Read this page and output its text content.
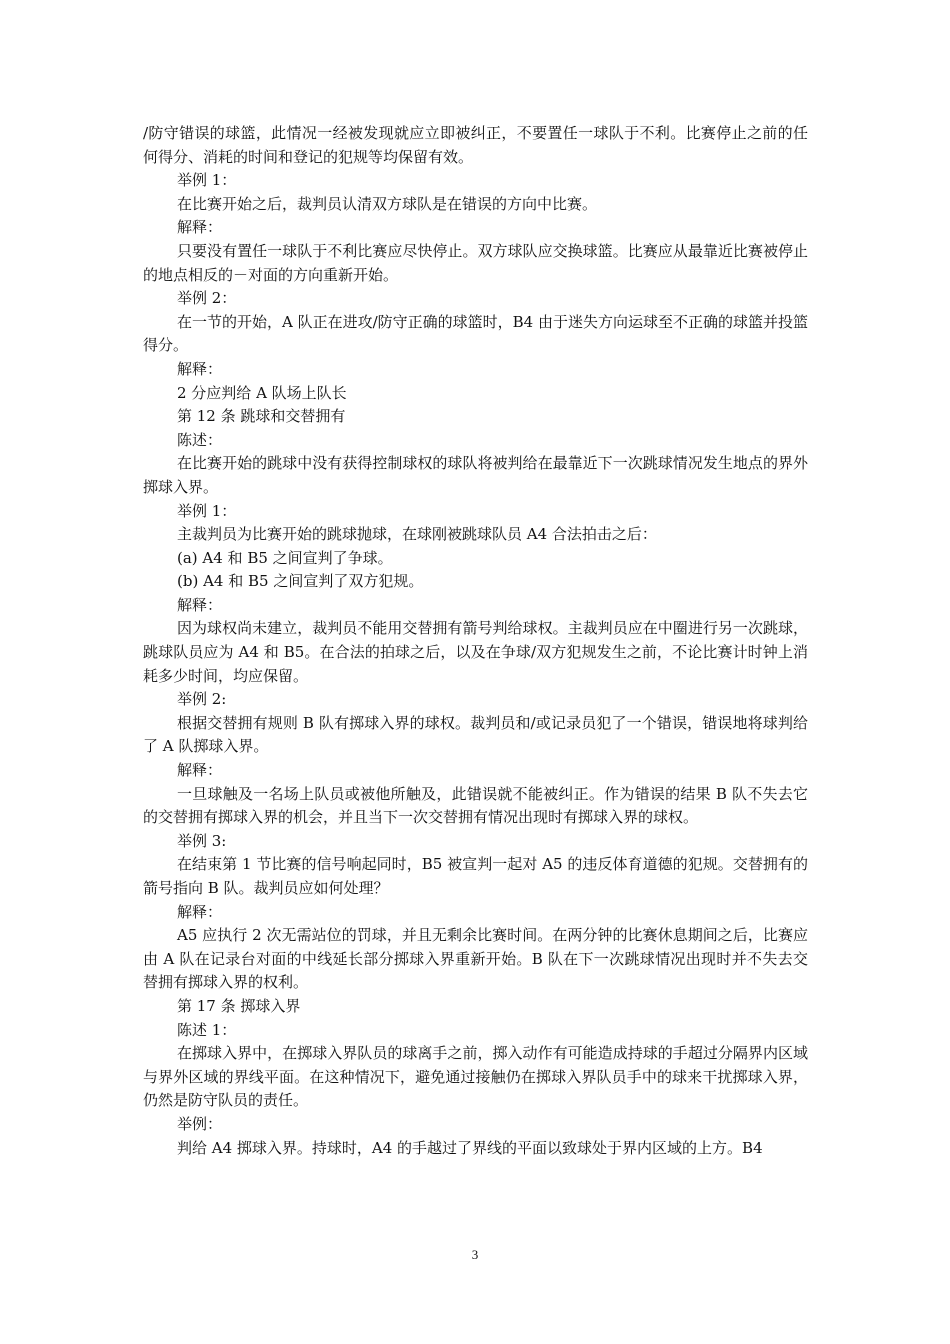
/防守错误的球篮，此情况一经被发现就应立即被纠正，不要置任一球队于不利。比赛停止之前的任何得分、消耗的时间和登记的犯规等均保留有效。

举例 1：

在比赛开始之后，裁判员认清双方球队是在错误的方向中比赛。

解释：

只要没有置任一球队于不利比赛应尽快停止。双方球队应交换球篮。比赛应从最靠近比赛被停止的地点相反的－对面的方向重新开始。

举例 2：

在一节的开始，A 队正在进攻/防守正确的球篮时，B4 由于迷失方向运球至不正确的球篮并投篮得分。

解释：

2 分应判给 A 队场上队长

第 12 条 跳球和交替拥有

陈述：

在比赛开始的跳球中没有获得控制球权的球队将被判给在最靠近下一次跳球情况发生地点的界外掷球入界。

举例 1：

主裁判员为比赛开始的跳球抛球，在球刚被跳球队员 A4 合法拍击之后：

(a) A4 和 B5 之间宣判了争球。

(b) A4 和 B5 之间宣判了双方犯规。

解释：

因为球权尚未建立，裁判员不能用交替拥有箭号判给球权。主裁判员应在中圈进行另一次跳球，跳球队员应为 A4 和 B5。在合法的拍球之后，以及在争球/双方犯规发生之前，不论比赛计时钟上消耗多少时间，均应保留。

举例 2:

根据交替拥有规则 B 队有掷球入界的球权。裁判员和/或记录员犯了一个错误，错误地将球判给了 A 队掷球入界。

解释：

一旦球触及一名场上队员或被他所触及，此错误就不能被纠正。作为错误的结果 B 队不失去它的交替拥有掷球入界的机会，并且当下一次交替拥有情况出现时有掷球入界的球权。

举例 3:

在结束第 1 节比赛的信号响起同时，B5 被宣判一起对 A5 的违反体育道德的犯规。交替拥有的箭号指向 B 队。裁判员应如何处理？

解释：

A5 应执行 2 次无需站位的罚球，并且无剩余比赛时间。在两分钟的比赛休息期间之后，比赛应由 A 队在记录台对面的中线延长部分掷球入界重新开始。B 队在下一次跳球情况出现时并不失去交替拥有掷球入界的权利。

第 17 条 掷球入界

陈述 1：

在掷球入界中，在掷球入界队员的球离手之前，掷入动作有可能造成持球的手超过分隔界内区域与界外区域的界线平面。在这种情况下，避免通过接触仍在掷球入界队员手中的球来干扰掷球入界，仍然是防守队员的责任。

举例：

判给 A4 掷球入界。持球时，A4 的手越过了界线的平面以致球处于界内区域的上方。B4

3
